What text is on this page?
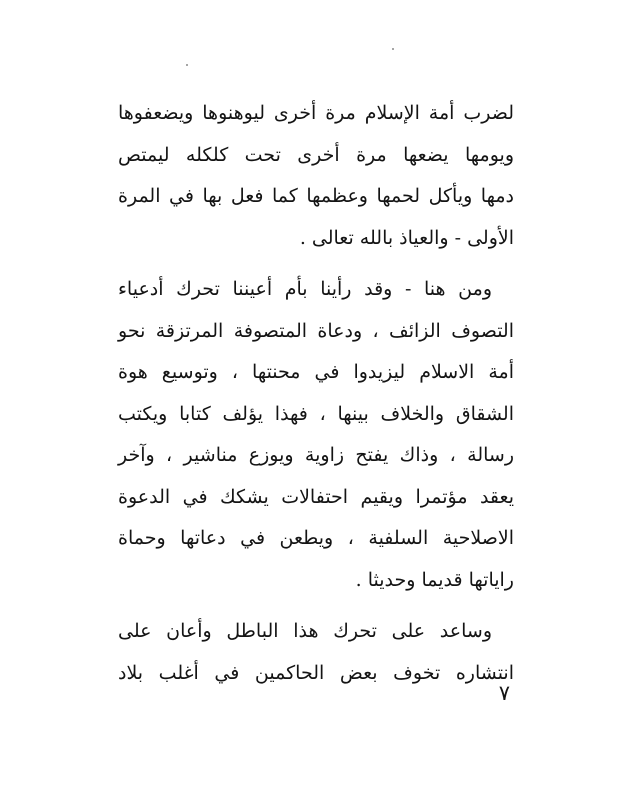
لضرب أمة الإسلام مرة أخرى ليوهنوها ويضعفوها
ويومها يضعها مرة أخرى تحت كلكله ليمتص
دمها ويأكل لحمها وعظمها كما فعل بها في المرة
الأولى - والعياذ بالله تعالى .

ومن هنا - وقد رأينا بأم أعيننا تحرك أدعياء
التصوف الزائف ، ودعاة المتصوفة المرتزقة نحو
أمة الاسلام ليزيدوا في محنتها ، وتوسيع هوة
الشقاق والخلاف بينها ، فهذا يؤلف كتابا ويكتب
رسالة ، وذاك يفتح زاوية ويوزع مناشير ، وآخر
يعقد مؤتمرا ويقيم احتفالات يشكك في الدعوة
الاصلاحية السلفية ، ويطعن في دعاتها وحماة
راياتها قديما وحديثا .

وساعد على تحرك هذا الباطل وأعان على
انتشاره تخوف بعض الحاكمين في أغلب بلاد

٧
